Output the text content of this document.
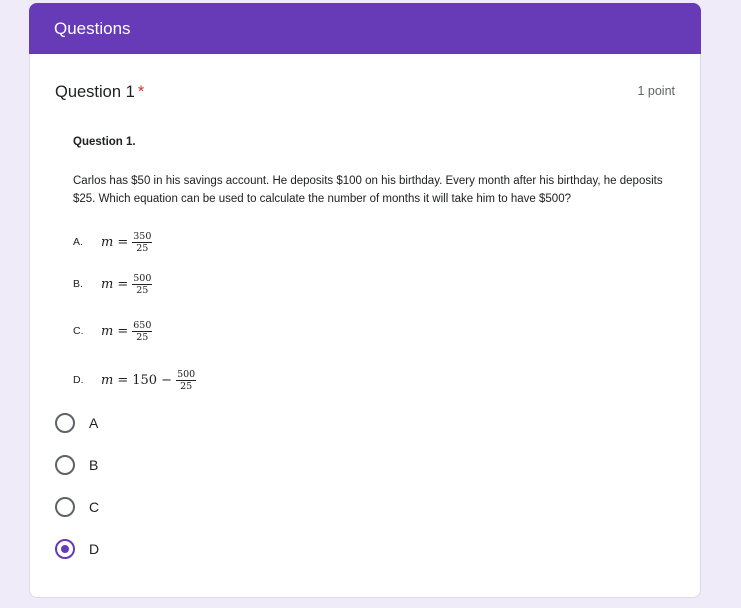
Questions
Question 1 *	1 point
Question 1.
Carlos has $50 in his savings account. He deposits $100 on his birthday. Every month after his birthday, he deposits $25. Which equation can be used to calculate the number of months it will take him to have $500?
A.	$m = \frac{350}{25}$
B.	$m = \frac{500}{25}$
C.	$m = \frac{650}{25}$
D.	$m = 150 - \frac{500}{25}$
A
B
C
D
